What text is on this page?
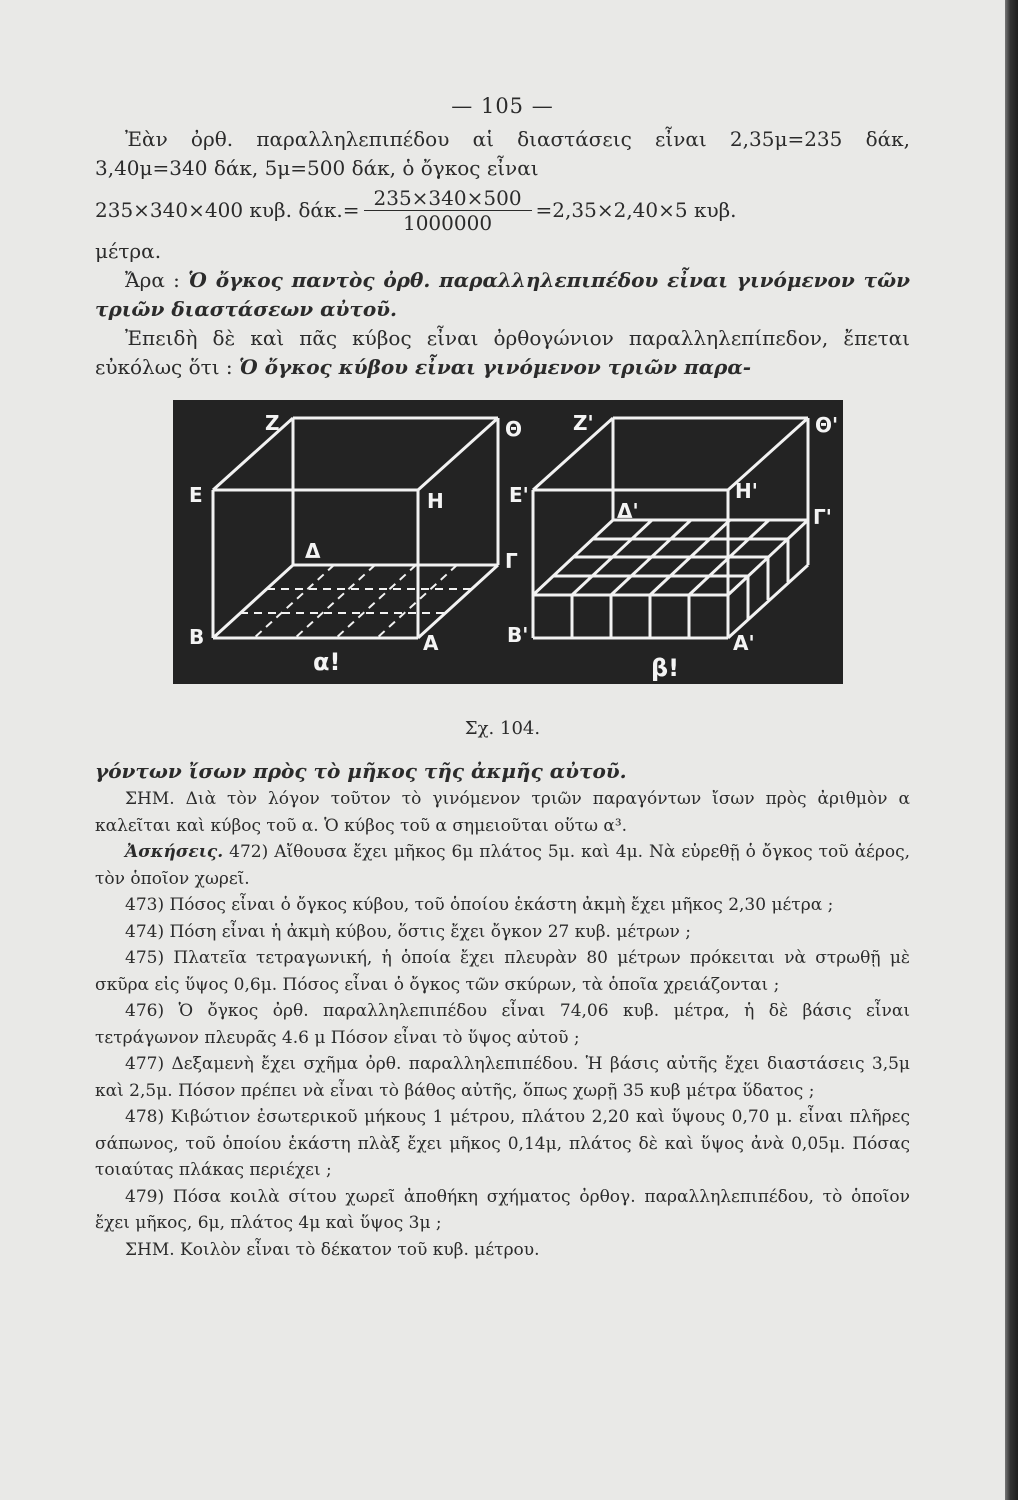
— 105 —

Ἐὰν ὀρθ. παραλληλεπιπέδου αἱ διαστάσεις εἶναι 2,35μ=235 δάκ, 3,40μ=340 δάκ, 5μ=500 δάκ, ὁ ὄγκος εἶναι

235×340×400 κυβ. $\delta ά\kappa.= \frac{235\times 340\times 500}{1000000} =2,35\times 2,40\times 5$ κυβ.

μέτρα.

Ἄρα : Ὁ ὄγκος παντὸς ὀρθ. παραλληλεπιπέδου εἶναι γινόμενον τῶν τριῶν διαστάσεων αὐτοῦ.

Ἐπειδὴ δὲ καὶ πᾶς κύβος εἶναι ὀρθογώνιον παραλληλεπίπεδον, ἔπεται εὐκόλως ὅτι : Ὁ ὄγκος κύβου εἶναι γινόμενον τριῶν παρα-

Z	Θ
E	H
Δ	Γ
B	A
α!
Z'	Θ'
E'	H'
Δ'	Γ'
B'	A'
β!
Σχ. 104.

γόντων ἴσων πρὸς τὸ μῆκος τῆς ἀκμῆς αὐτοῦ.

ΣΗΜ. Διὰ τὸν λόγον τοῦτον τὸ γινόμενον τριῶν παραγόντων ἴσων πρὸς ἀριθμὸν α καλεῖται καὶ κύβος τοῦ α. Ὁ κύβος τοῦ α σημειοῦται οὕτω α³.

Ἀσκήσεις. 472) Αἴθουσα ἔχει μῆκος 6μ πλάτος 5μ. καὶ 4μ. Νὰ εὑρεθῇ ὁ ὄγκος τοῦ ἀέρος, τὸν ὁποῖον χωρεῖ.

473) Πόσος εἶναι ὁ ὄγκος κύβου, τοῦ ὁποίου ἑκάστη ἀκμὴ ἔχει μῆκος 2,30 μέτρα ;

474) Πόση εἶναι ἡ ἀκμὴ κύβου, ὅστις ἔχει ὄγκον 27 κυβ. μέτρων ;

475) Πλατεῖα τετραγωνική, ἡ ὁποία ἔχει πλευρὰν 80 μέτρων πρόκειται νὰ στρωθῇ μὲ σκῦρα εἰς ὕψος 0,6μ. Πόσος εἶναι ὁ ὄγκος τῶν σκύρων, τὰ ὁποῖα χρειάζονται ;

476) Ὁ ὄγκος ὀρθ. παραλληλεπιπέδου εἶναι 74,06 κυβ. μέτρα, ἡ δὲ βάσις εἶναι τετράγωνον πλευρᾶς 4.6 μ Πόσον εἶναι τὸ ὕψος αὐτοῦ ;

477) Δεξαμενὴ ἔχει σχῆμα ὀρθ. παραλληλεπιπέδου. Ἡ βάσις αὐτῆς ἔχει διαστάσεις 3,5μ καὶ 2,5μ. Πόσον πρέπει νὰ εἶναι τὸ βάθος αὐτῆς, ὅπως χωρῇ 35 κυβ μέτρα ὕδατος ;

478) Κιβώτιον ἐσωτερικοῦ μήκους 1 μέτρου, πλάτου 2,20 καὶ ὕψους 0,70 μ. εἶναι πλῆρες σάπωνος, τοῦ ὁποίου ἑκάστη πλὰξ ἔχει μῆκος 0,14μ, πλάτος δὲ καὶ ὕψος ἀνὰ 0,05μ. Πόσας τοιαύτας πλάκας περιέχει ;

479) Πόσα κοιλὰ σίτου χωρεῖ ἀποθήκη σχήματος ὀρθογ. παραλληλεπιπέδου, τὸ ὁποῖον ἔχει μῆκος, 6μ, πλάτος 4μ καὶ ὕψος 3μ ;

ΣΗΜ. Κοιλὸν εἶναι τὸ δέκατον τοῦ κυβ. μέτρου.
